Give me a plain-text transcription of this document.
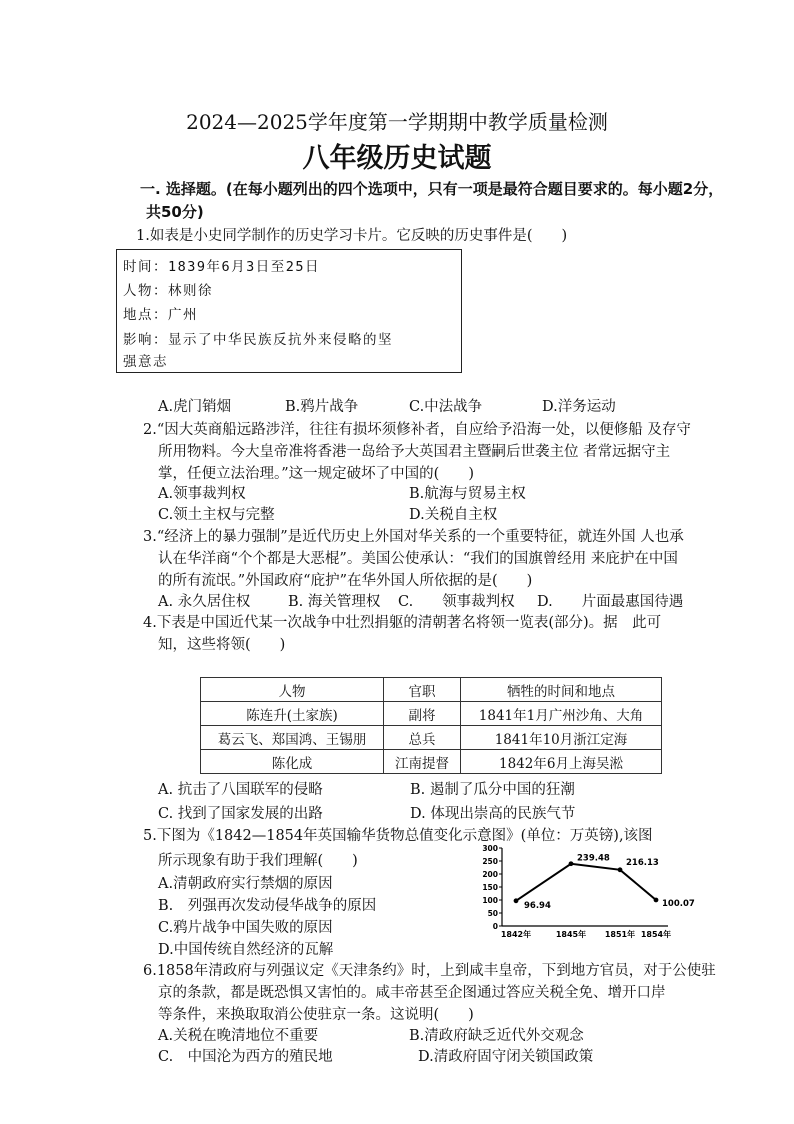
2024—2025学年度第一学期期中教学质量检测
八年级历史试题
一. 选择题。(在每小题列出的四个选项中，只有一项是最符合题目要求的。每小题2分，
共50分)
1.如表是小史同学制作的历史学习卡片。它反映的历史事件是(　　)
时间：1839年6月3日至25日
人物：林则徐
地点：广州
影响：显示了中华民族反抗外来侵略的坚
强意志
A.虎门销烟	B.鸦片战争	C.中法战争	D.洋务运动
2.“因大英商船远路涉洋，往往有损坏须修补者，自应给予沿海一处，以便修船 及存守
所用物料。今大皇帝准将香港一岛给予大英国君主暨嗣后世袭主位 者常远据守主
掌，任便立法治理。”这一规定破坏了中国的(　　)
A.领事裁判权	B.航海与贸易主权
C.领土主权与完整	D.关税自主权
3.“经济上的暴力强制”是近代历史上外国对华关系的一个重要特征，就连外国 人也承
认在华洋商“个个都是大恶棍”。美国公使承认：“我们的国旗曾经用 来庇护在中国
的所有流氓。”外国政府“庇护”在华外国人所依据的是(　　)
A. 永久居住权	B. 海关管理权 C.　　领事裁判权 D.　　片面最惠国待遇
4.下表是中国近代某一次战争中壮烈捐躯的清朝著名将领一览表(部分)。据　此可
知，这些将领(　　)
人物	官职	牺牲的时间和地点
陈连升(土家族)	副将	1841年1月广州沙角、大角
葛云飞、郑国鸿、王锡朋	总兵	1841年10月浙江定海
陈化成	江南提督	1842年6月上海吴淞
A. 抗击了八国联军的侵略	B. 遏制了瓜分中国的狂潮
C. 找到了国家发展的出路	D. 体现出崇高的民族气节
5.下图为《1842—1854年英国输华货物总值变化示意图》(单位：万英镑),该图
所示现象有助于我们理解(　　)
A.清朝政府实行禁烟的原因
B.　列强再次发动侵华战争的原因
C.鸦片战争中国失败的原因
D.中国传统自然经济的瓦解
0
50
100
150
200
250
300
1842年	1845年 1851年 1854年
96.94
239.48 216.13
100.07
6.1858年清政府与列强议定《天津条约》时，上到咸丰皇帝，下到地方官员，对于公使驻
京的条款，都是既恐惧又害怕的。咸丰帝甚至企图通过答应关税全免、增开口岸
等条件，来换取取消公使驻京一条。这说明(　　)
A.关税在晚清地位不重要	B.清政府缺乏近代外交观念
C.　中国沦为西方的殖民地	D.清政府固守闭关锁国政策
